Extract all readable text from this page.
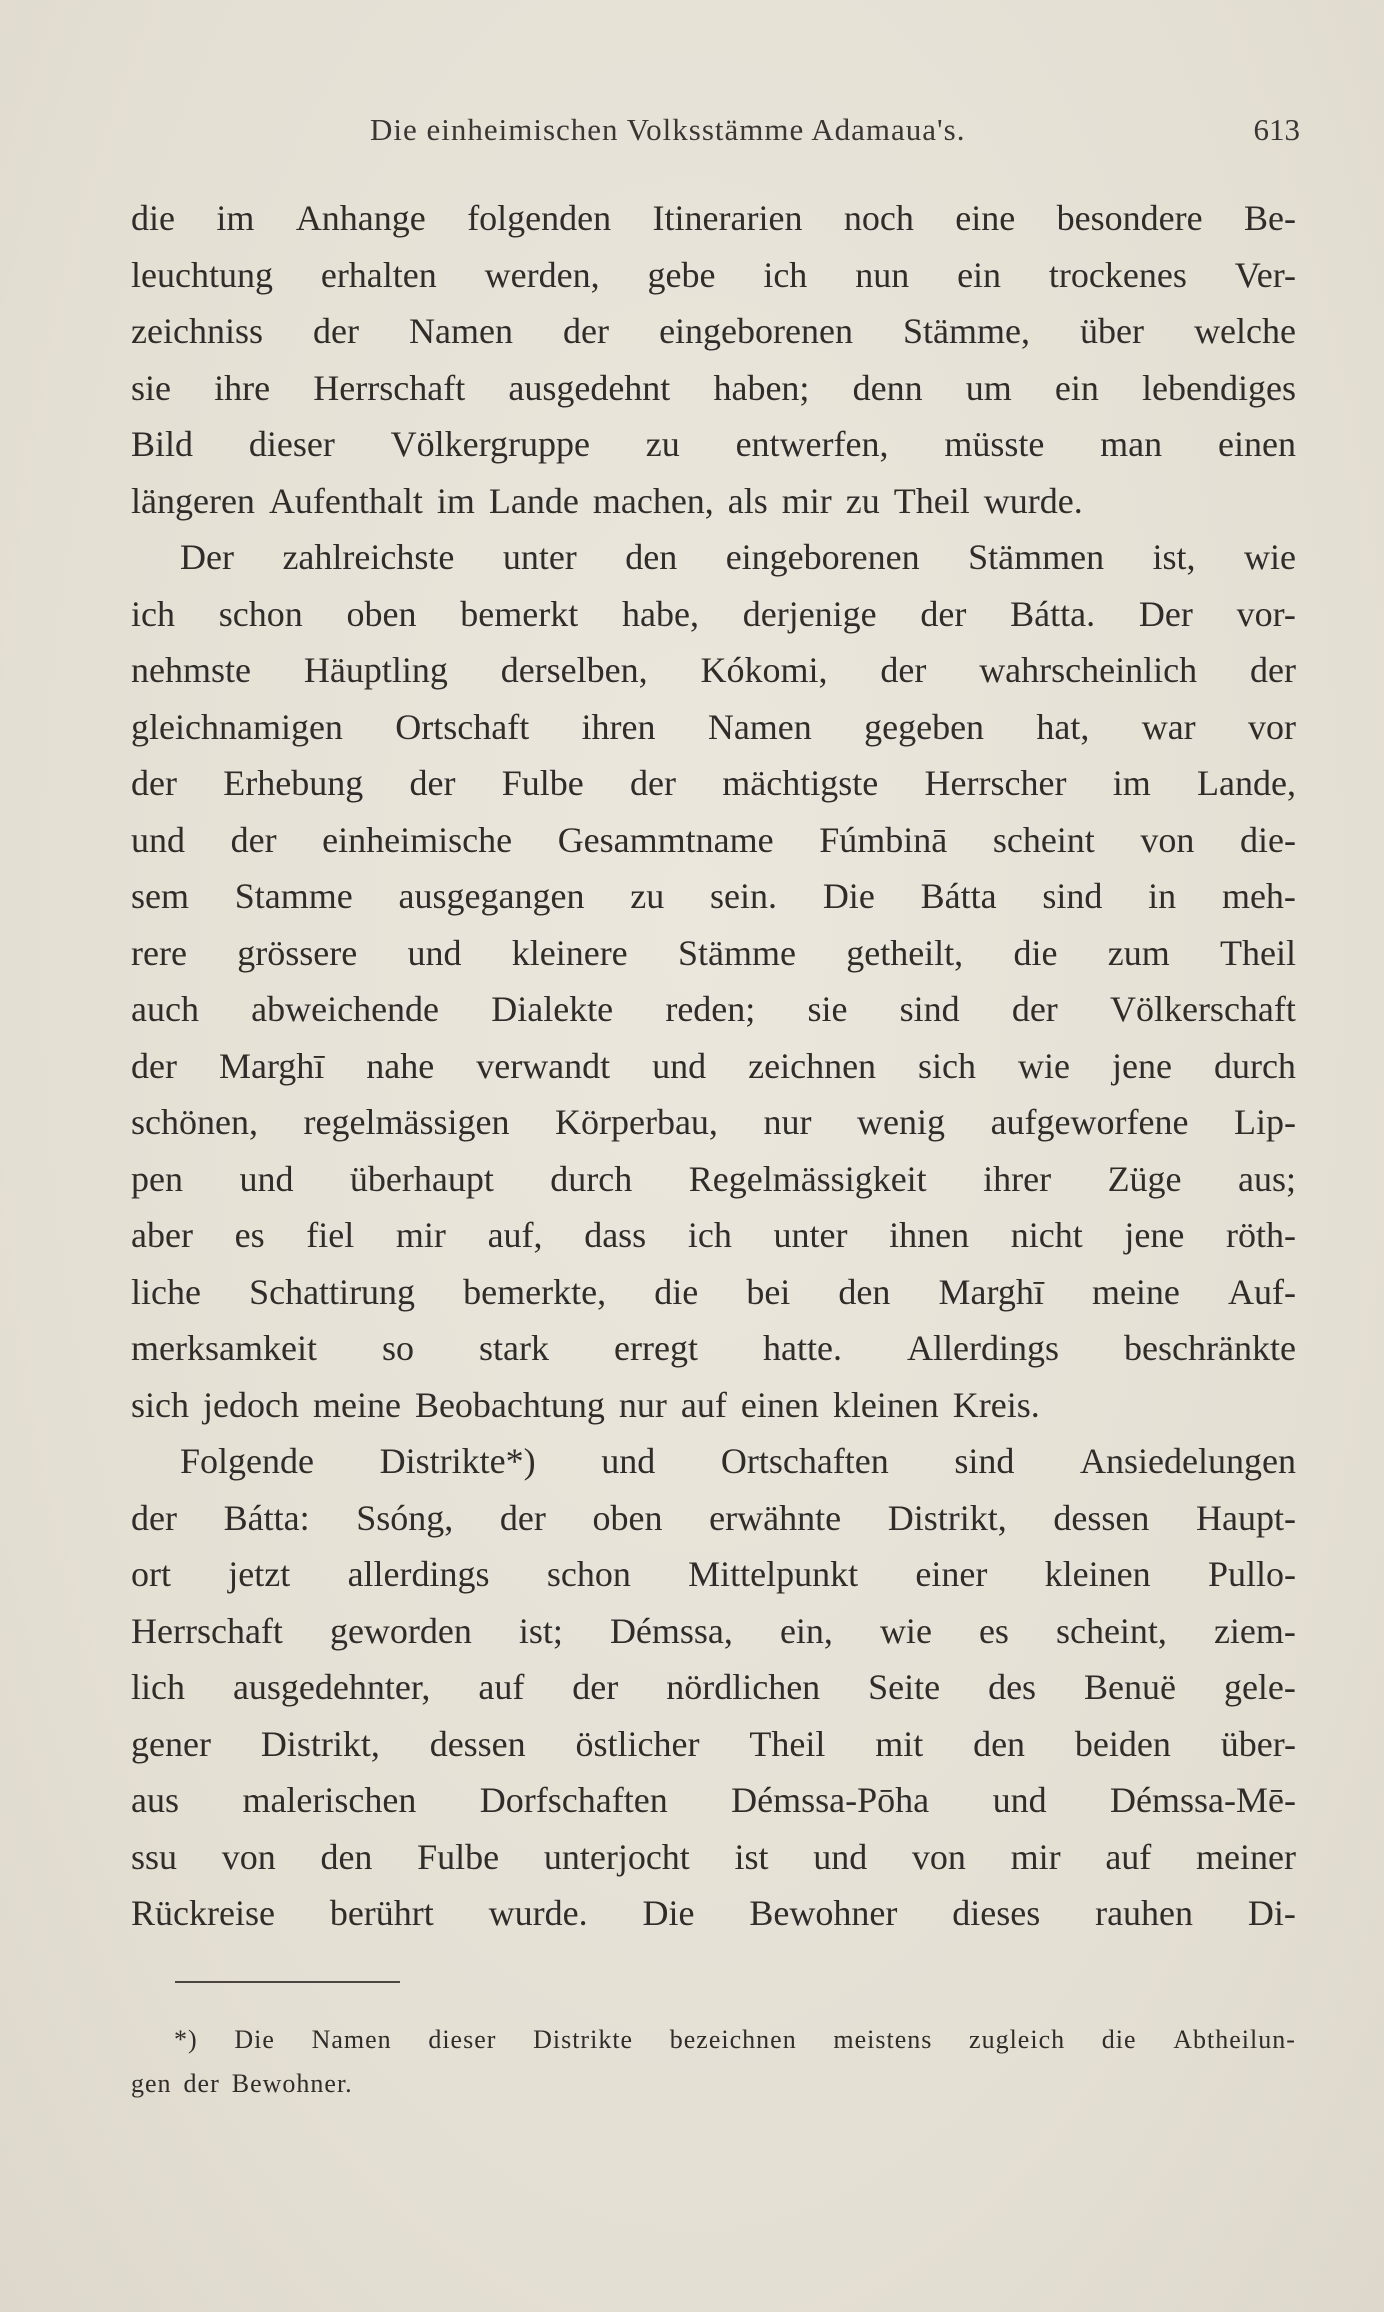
Die einheimischen Volksstämme Adamaua's.	613
die im Anhange folgenden Itinerarien noch eine besondere Be-
leuchtung erhalten werden, gebe ich nun ein trockenes Ver-
zeichniss der Namen der eingeborenen Stämme, über welche
sie ihre Herrschaft ausgedehnt haben; denn um ein lebendiges
Bild dieser Völkergruppe zu entwerfen, müsste man einen
längeren Aufenthalt im Lande machen, als mir zu Theil wurde.
Der zahlreichste unter den eingeborenen Stämmen ist, wie
ich schon oben bemerkt habe, derjenige der Bátta. Der vor-
nehmste Häuptling derselben, Kókomi, der wahrscheinlich der
gleichnamigen Ortschaft ihren Namen gegeben hat, war vor
der Erhebung der Fulbe der mächtigste Herrscher im Lande,
und der einheimische Gesammtname Fúmbinā scheint von die-
sem Stamme ausgegangen zu sein. Die Bátta sind in meh-
rere grössere und kleinere Stämme getheilt, die zum Theil
auch abweichende Dialekte reden; sie sind der Völkerschaft
der Marghī nahe verwandt und zeichnen sich wie jene durch
schönen, regelmässigen Körperbau, nur wenig aufgeworfene Lip-
pen und überhaupt durch Regelmässigkeit ihrer Züge aus;
aber es fiel mir auf, dass ich unter ihnen nicht jene röth-
liche Schattirung bemerkte, die bei den Marghī meine Auf-
merksamkeit so stark erregt hatte. Allerdings beschränkte
sich jedoch meine Beobachtung nur auf einen kleinen Kreis.
Folgende Distrikte*) und Ortschaften sind Ansiedelungen
der Bátta: Ssóng, der oben erwähnte Distrikt, dessen Haupt-
ort jetzt allerdings schon Mittelpunkt einer kleinen Pullo-
Herrschaft geworden ist; Démssa, ein, wie es scheint, ziem-
lich ausgedehnter, auf der nördlichen Seite des Benuë gele-
gener Distrikt, dessen östlicher Theil mit den beiden über-
aus malerischen Dorfschaften Démssa-Pōha und Démssa-Mē-
ssu von den Fulbe unterjocht ist und von mir auf meiner
Rückreise berührt wurde. Die Bewohner dieses rauhen Di-
*) Die Namen dieser Distrikte bezeichnen meistens zugleich die Abtheilun-
gen der Bewohner.
